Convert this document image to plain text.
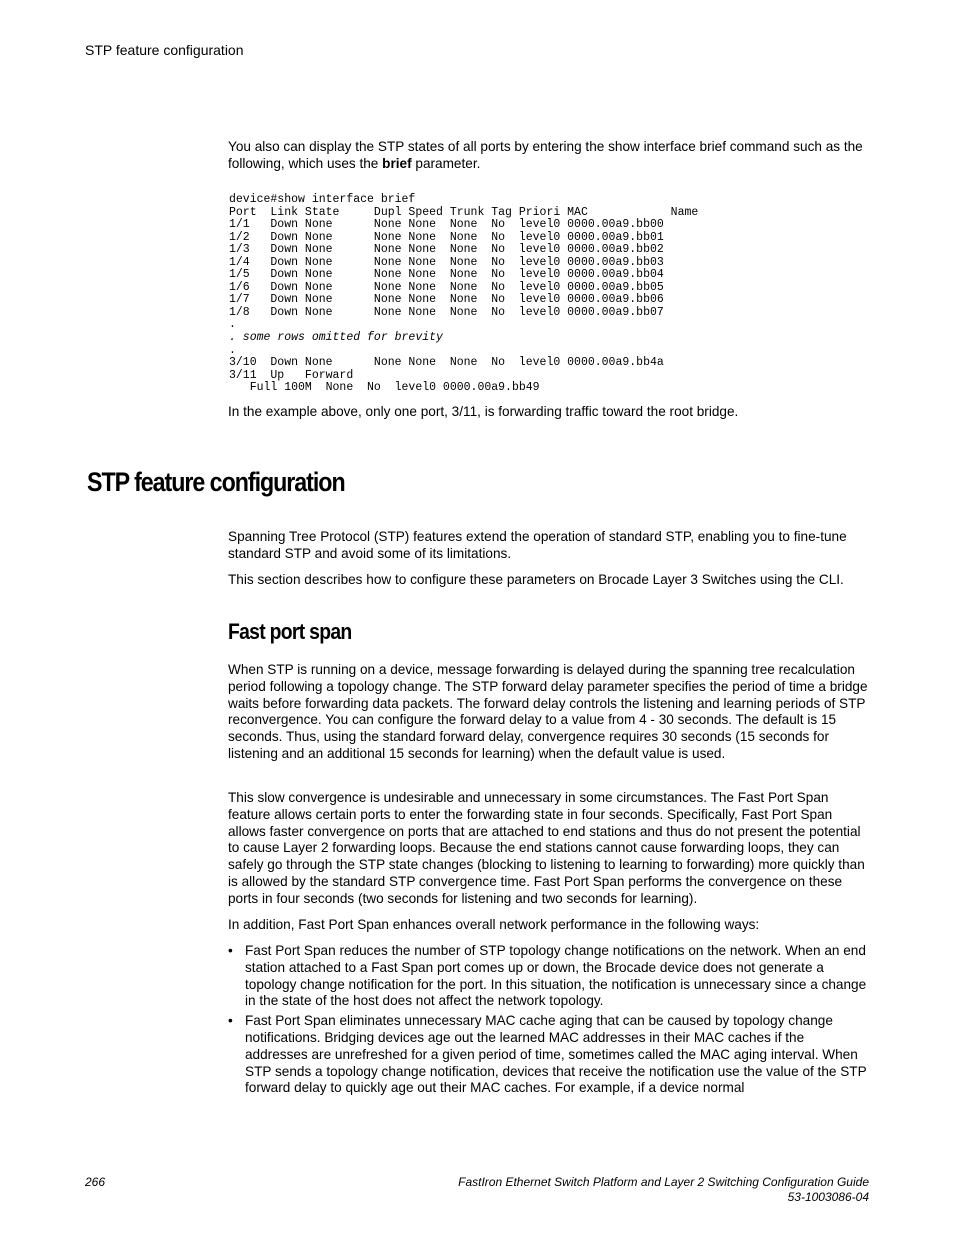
STP feature configuration

You also can display the STP states of all ports by entering the show interface brief command such as the following, which uses the brief parameter.

device#show interface brief
Port  Link State     Dupl Speed Trunk Tag Priori MAC            Name
1/1   Down None      None None  None  No  level0 0000.00a9.bb00
1/2   Down None      None None  None  No  level0 0000.00a9.bb01
1/3   Down None      None None  None  No  level0 0000.00a9.bb02
1/4   Down None      None None  None  No  level0 0000.00a9.bb03
1/5   Down None      None None  None  No  level0 0000.00a9.bb04
1/6   Down None      None None  None  No  level0 0000.00a9.bb05
1/7   Down None      None None  None  No  level0 0000.00a9.bb06
1/8   Down None      None None  None  No  level0 0000.00a9.bb07
.
. some rows omitted for brevity
.
3/10  Down None      None None  None  No  level0 0000.00a9.bb4a
3/11  Up   Forward
Full 100M  None  No  level0 0000.00a9.bb49

In the example above, only one port, 3/11, is forwarding traffic toward the root bridge.

STP feature configuration

Spanning Tree Protocol (STP) features extend the operation of standard STP, enabling you to fine-tune standard STP and avoid some of its limitations.

This section describes how to configure these parameters on Brocade Layer 3 Switches using the CLI.

Fast port span

When STP is running on a device, message forwarding is delayed during the spanning tree recalculation period following a topology change. The STP forward delay parameter specifies the period of time a bridge waits before forwarding data packets. The forward delay controls the listening and learning periods of STP reconvergence. You can configure the forward delay to a value from 4 - 30 seconds. The default is 15 seconds. Thus, using the standard forward delay, convergence requires 30 seconds (15 seconds for listening and an additional 15 seconds for learning) when the default value is used.

This slow convergence is undesirable and unnecessary in some circumstances. The Fast Port Span feature allows certain ports to enter the forwarding state in four seconds. Specifically, Fast Port Span allows faster convergence on ports that are attached to end stations and thus do not present the potential to cause Layer 2 forwarding loops. Because the end stations cannot cause forwarding loops, they can safely go through the STP state changes (blocking to listening to learning to forwarding) more quickly than is allowed by the standard STP convergence time. Fast Port Span performs the convergence on these ports in four seconds (two seconds for listening and two seconds for learning).

In addition, Fast Port Span enhances overall network performance in the following ways:

• Fast Port Span reduces the number of STP topology change notifications on the network. When an end station attached to a Fast Span port comes up or down, the Brocade device does not generate a topology change notification for the port. In this situation, the notification is unnecessary since a change in the state of the host does not affect the network topology.
• Fast Port Span eliminates unnecessary MAC cache aging that can be caused by topology change notifications. Bridging devices age out the learned MAC addresses in their MAC caches if the addresses are unrefreshed for a given period of time, sometimes called the MAC aging interval. When STP sends a topology change notification, devices that receive the notification use the value of the STP forward delay to quickly age out their MAC caches. For example, if a device normal
266	FastIron Ethernet Switch Platform and Layer 2 Switching Configuration Guide
53-1003086-04
